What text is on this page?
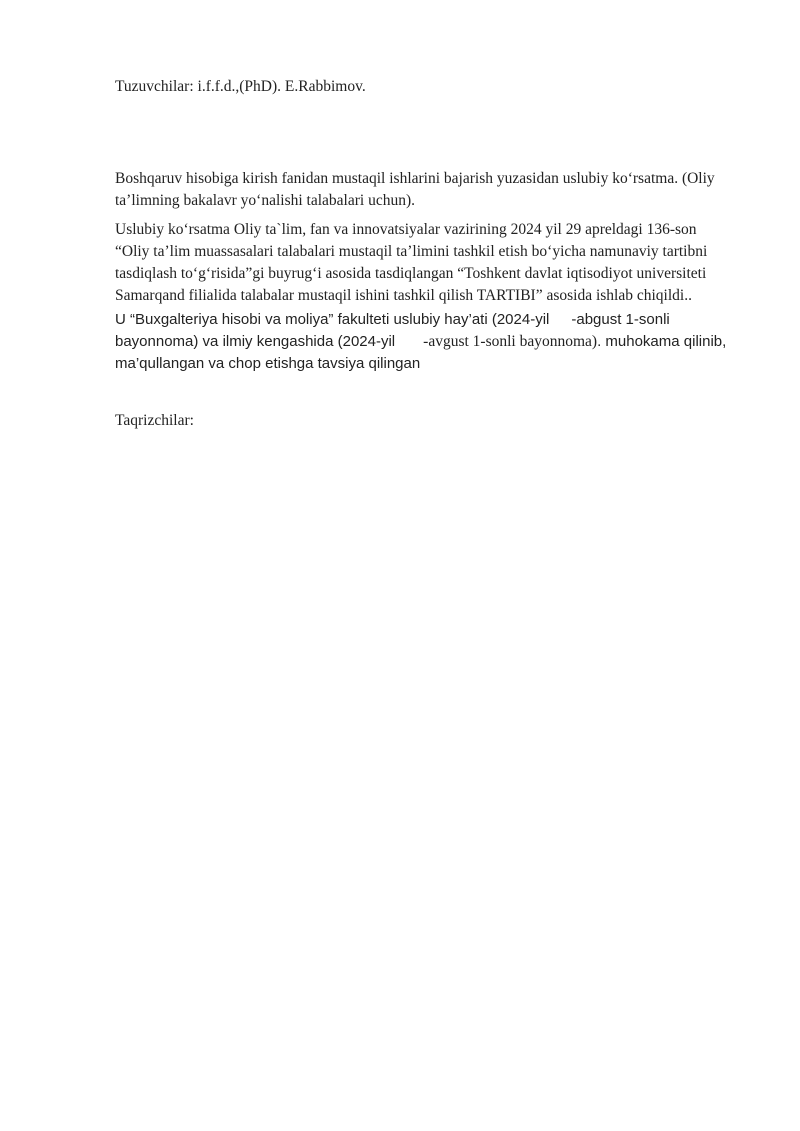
Tuzuvchilar: i.f.f.d.,(PhD). E.Rabbimov.

Boshqaruv hisobiga kirish fanidan mustaqil ishlarini bajarish yuzasidan uslubiy ko‘rsatma. (Oliy
ta’limning bakalavr yo‘nalishi talabalari uchun).

Uslubiy ko‘rsatma Oliy ta`lim, fan va innovatsiyalar vazirining 2024 yil 29 apreldagi 136-son
“Oliy ta’lim muassasalari talabalari mustaqil ta’limini tashkil etish bo‘yicha namunaviy tartibni
tasdiqlash to‘g‘risida”gi buyrug‘i asosida tasdiqlangan “Toshkent davlat iqtisodiyot universiteti
Samarqand filialida talabalar mustaqil ishini tashkil qilish TARTIBI” asosida ishlab chiqildi..

U “Buxgalteriya hisobi va moliya” fakulteti uslubiy hay’ati (2024-yil -abgust 1-sonli
bayonnoma) va ilmiy kengashida (2024-yil -avgust 1-sonli bayonnoma). muhokama qilinib,
ma’qullangan va chop etishga tavsiya qilingan

Taqrizchilar:
